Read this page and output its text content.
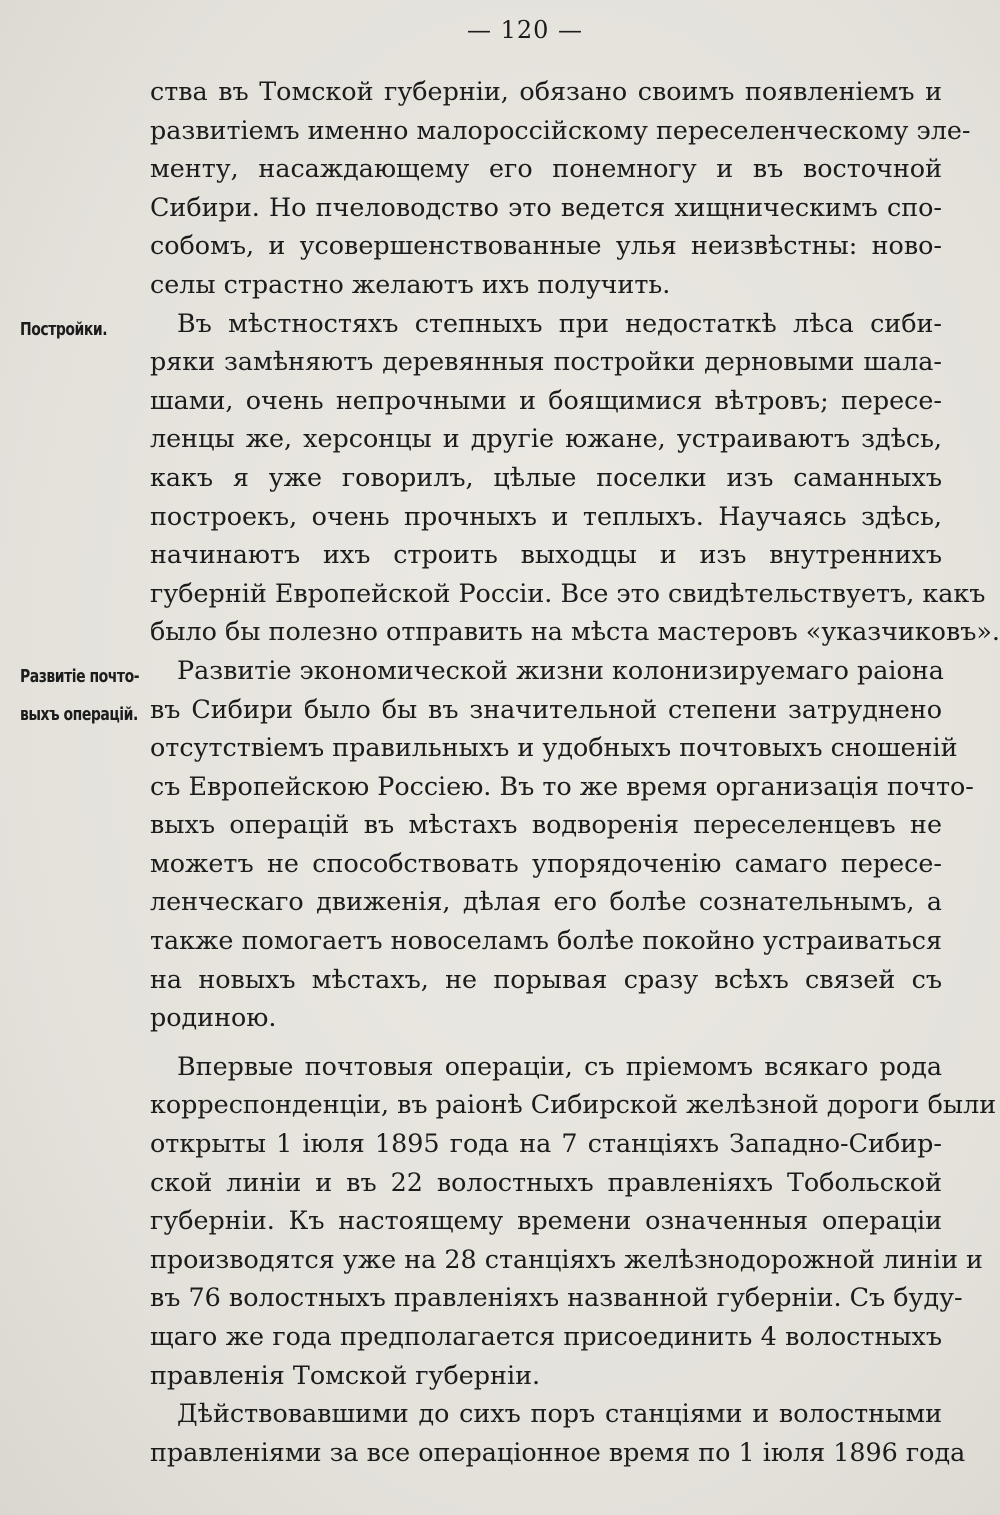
— 120 —
Постройки.
Развитіе почто-
выхъ операцій.
ства въ Томской губерніи, обязано своимъ появленіемъ и
развитіемъ именно малороссійскому переселенческому эле-
менту, насаждающему его понемногу и въ восточной
Сибири. Но пчеловодство это ведется хищническимъ спо-
собомъ, и усовершенствованные улья неизвѣстны: ново-
селы страстно желаютъ ихъ получить.
Въ мѣстностяхъ степныхъ при недостаткѣ лѣса сиби-
ряки замѣняютъ деревянныя постройки дерновыми шала-
шами, очень непрочными и боящимися вѣтровъ; пересе-
ленцы же, херсонцы и другіе южане, устраиваютъ здѣсь,
какъ я уже говорилъ, цѣлые поселки изъ саманныхъ
построекъ, очень прочныхъ и теплыхъ. Научаясь здѣсь,
начинаютъ ихъ строить выходцы и изъ внутреннихъ
губерній Европейской Россіи. Все это свидѣтельствуетъ, какъ
было бы полезно отправить на мѣста мастеровъ «указчиковъ».
Развитіе экономической жизни колонизируемаго раіона
въ Сибири было бы въ значительной степени затруднено
отсутствіемъ правильныхъ и удобныхъ почтовыхъ сношеній
съ Европейскою Россіею. Въ то же время организація почто-
выхъ операцій въ мѣстахъ водворенія переселенцевъ не
можетъ не способствовать упорядоченію самаго пересе-
ленческаго движенія, дѣлая его болѣе сознательнымъ, а
также помогаетъ новоселамъ болѣе покойно устраиваться
на новыхъ мѣстахъ, не порывая сразу всѣхъ связей съ
родиною.
Впервые почтовыя операціи, съ пріемомъ всякаго рода
корреспонденціи, въ раіонѣ Сибирской желѣзной дороги были
открыты 1 іюля 1895 года на 7 станціяхъ Западно-Сибир-
ской линіи и въ 22 волостныхъ правленіяхъ Тобольской
губерніи. Къ настоящему времени означенныя операціи
производятся уже на 28 станціяхъ желѣзнодорожной линіи и
въ 76 волостныхъ правленіяхъ названной губерніи. Съ буду-
щаго же года предполагается присоединить 4 волостныхъ
правленія Томской губерніи.
Дѣйствовавшими до сихъ поръ станціями и волостными
правленіями за все операціонное время по 1 іюля 1896 года
